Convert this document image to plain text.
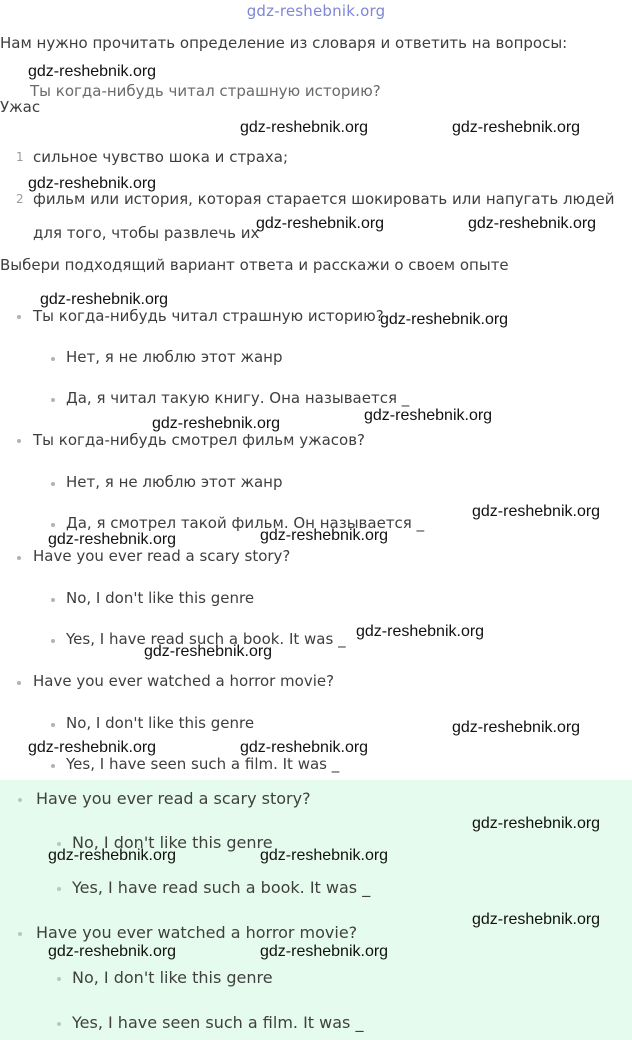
gdz-reshebnik.org
Нам нужно прочитать определение из словаря и ответить на вопросы:
Ты когда-нибудь читал страшную историю?
Ужас
1 сильное чувство шока и страха;
2 фильм или история, которая старается шокировать или напугать людей
для того, чтобы развлечь их
Выбери подходящий вариант ответа и расскажи о своем опыте
Ты когда-нибудь читал страшную историю?
Нет, я не люблю этот жанр
Да, я читал такую книгу. Она называется _
Ты когда-нибудь смотрел фильм ужасов?
Нет, я не люблю этот жанр
Да, я смотрел такой фильм. Он называется _
Have you ever read a scary story?
No, I don't like this genre
Yes, I have read such a book. It was _
Have you ever watched a horror movie?
No, I don't like this genre
Yes, I have seen such a film. It was _
Have you ever read a scary story?
No, I don't like this genre
Yes, I have read such a book. It was _
Have you ever watched a horror movie?
No, I don't like this genre
Yes, I have seen such a film. It was _
gdz-reshebnik.org
gdz-reshebnik.org	gdz-reshebnik.org
gdz-reshebnik.org
gdz-reshebnik.org	gdz-reshebnik.org
gdz-reshebnik.org
gdz-reshebnik.org
gdz-reshebnik.org
gdz-reshebnik.org
gdz-reshebnik.org
gdz-reshebnik.org	gdz-reshebnik.org
gdz-reshebnik.org
gdz-reshebnik.org
gdz-reshebnik.org
gdz-reshebnik.org	gdz-reshebnik.org
gdz-reshebnik.org
gdz-reshebnik.org	gdz-reshebnik.org
gdz-reshebnik.org
gdz-reshebnik.org	gdz-reshebnik.org
